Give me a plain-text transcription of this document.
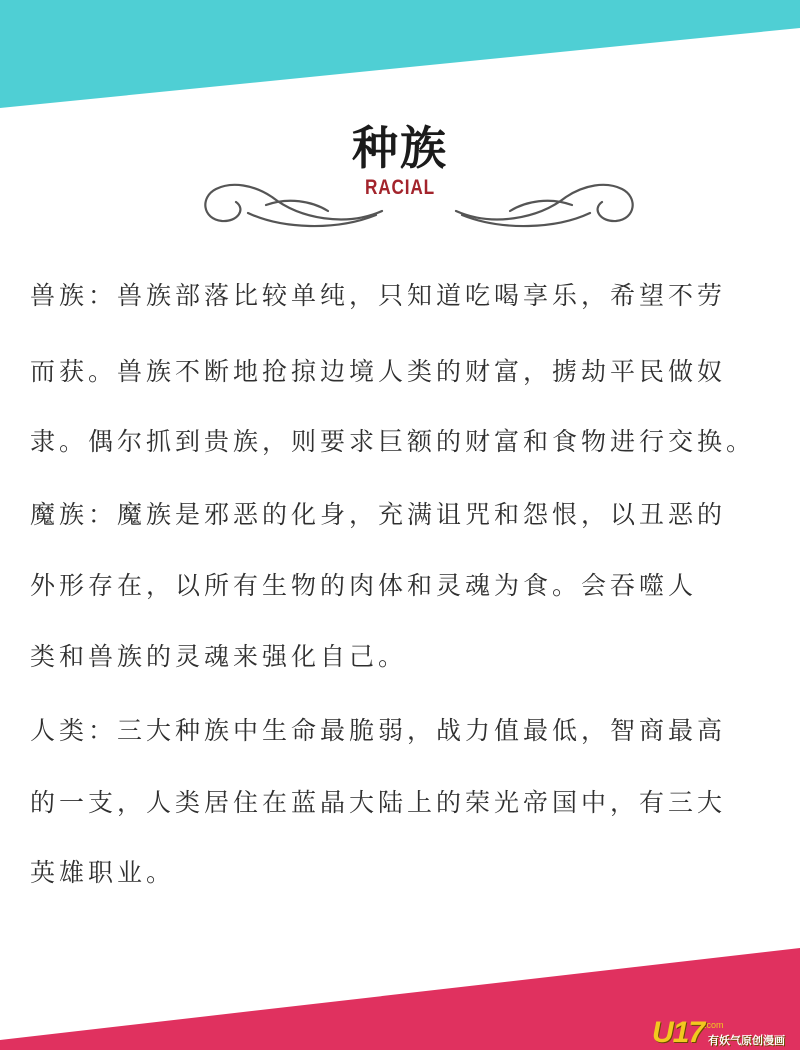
种族
RACIAL
兽族：兽族部落比较单纯，只知道吃喝享乐，希望不劳
而获。兽族不断地抢掠边境人类的财富，掳劫平民做奴
隶。偶尔抓到贵族，则要求巨额的财富和食物进行交换。
魔族：魔族是邪恶的化身，充满诅咒和怨恨，以丑恶的
外形存在，以所有生物的肉体和灵魂为食。会吞噬人
类和兽族的灵魂来强化自己。
人类：三大种族中生命最脆弱，战力值最低，智商最高
的一支，人类居住在蓝晶大陆上的荣光帝国中，有三大
英雄职业。
U17 .com
有妖气原创漫画
